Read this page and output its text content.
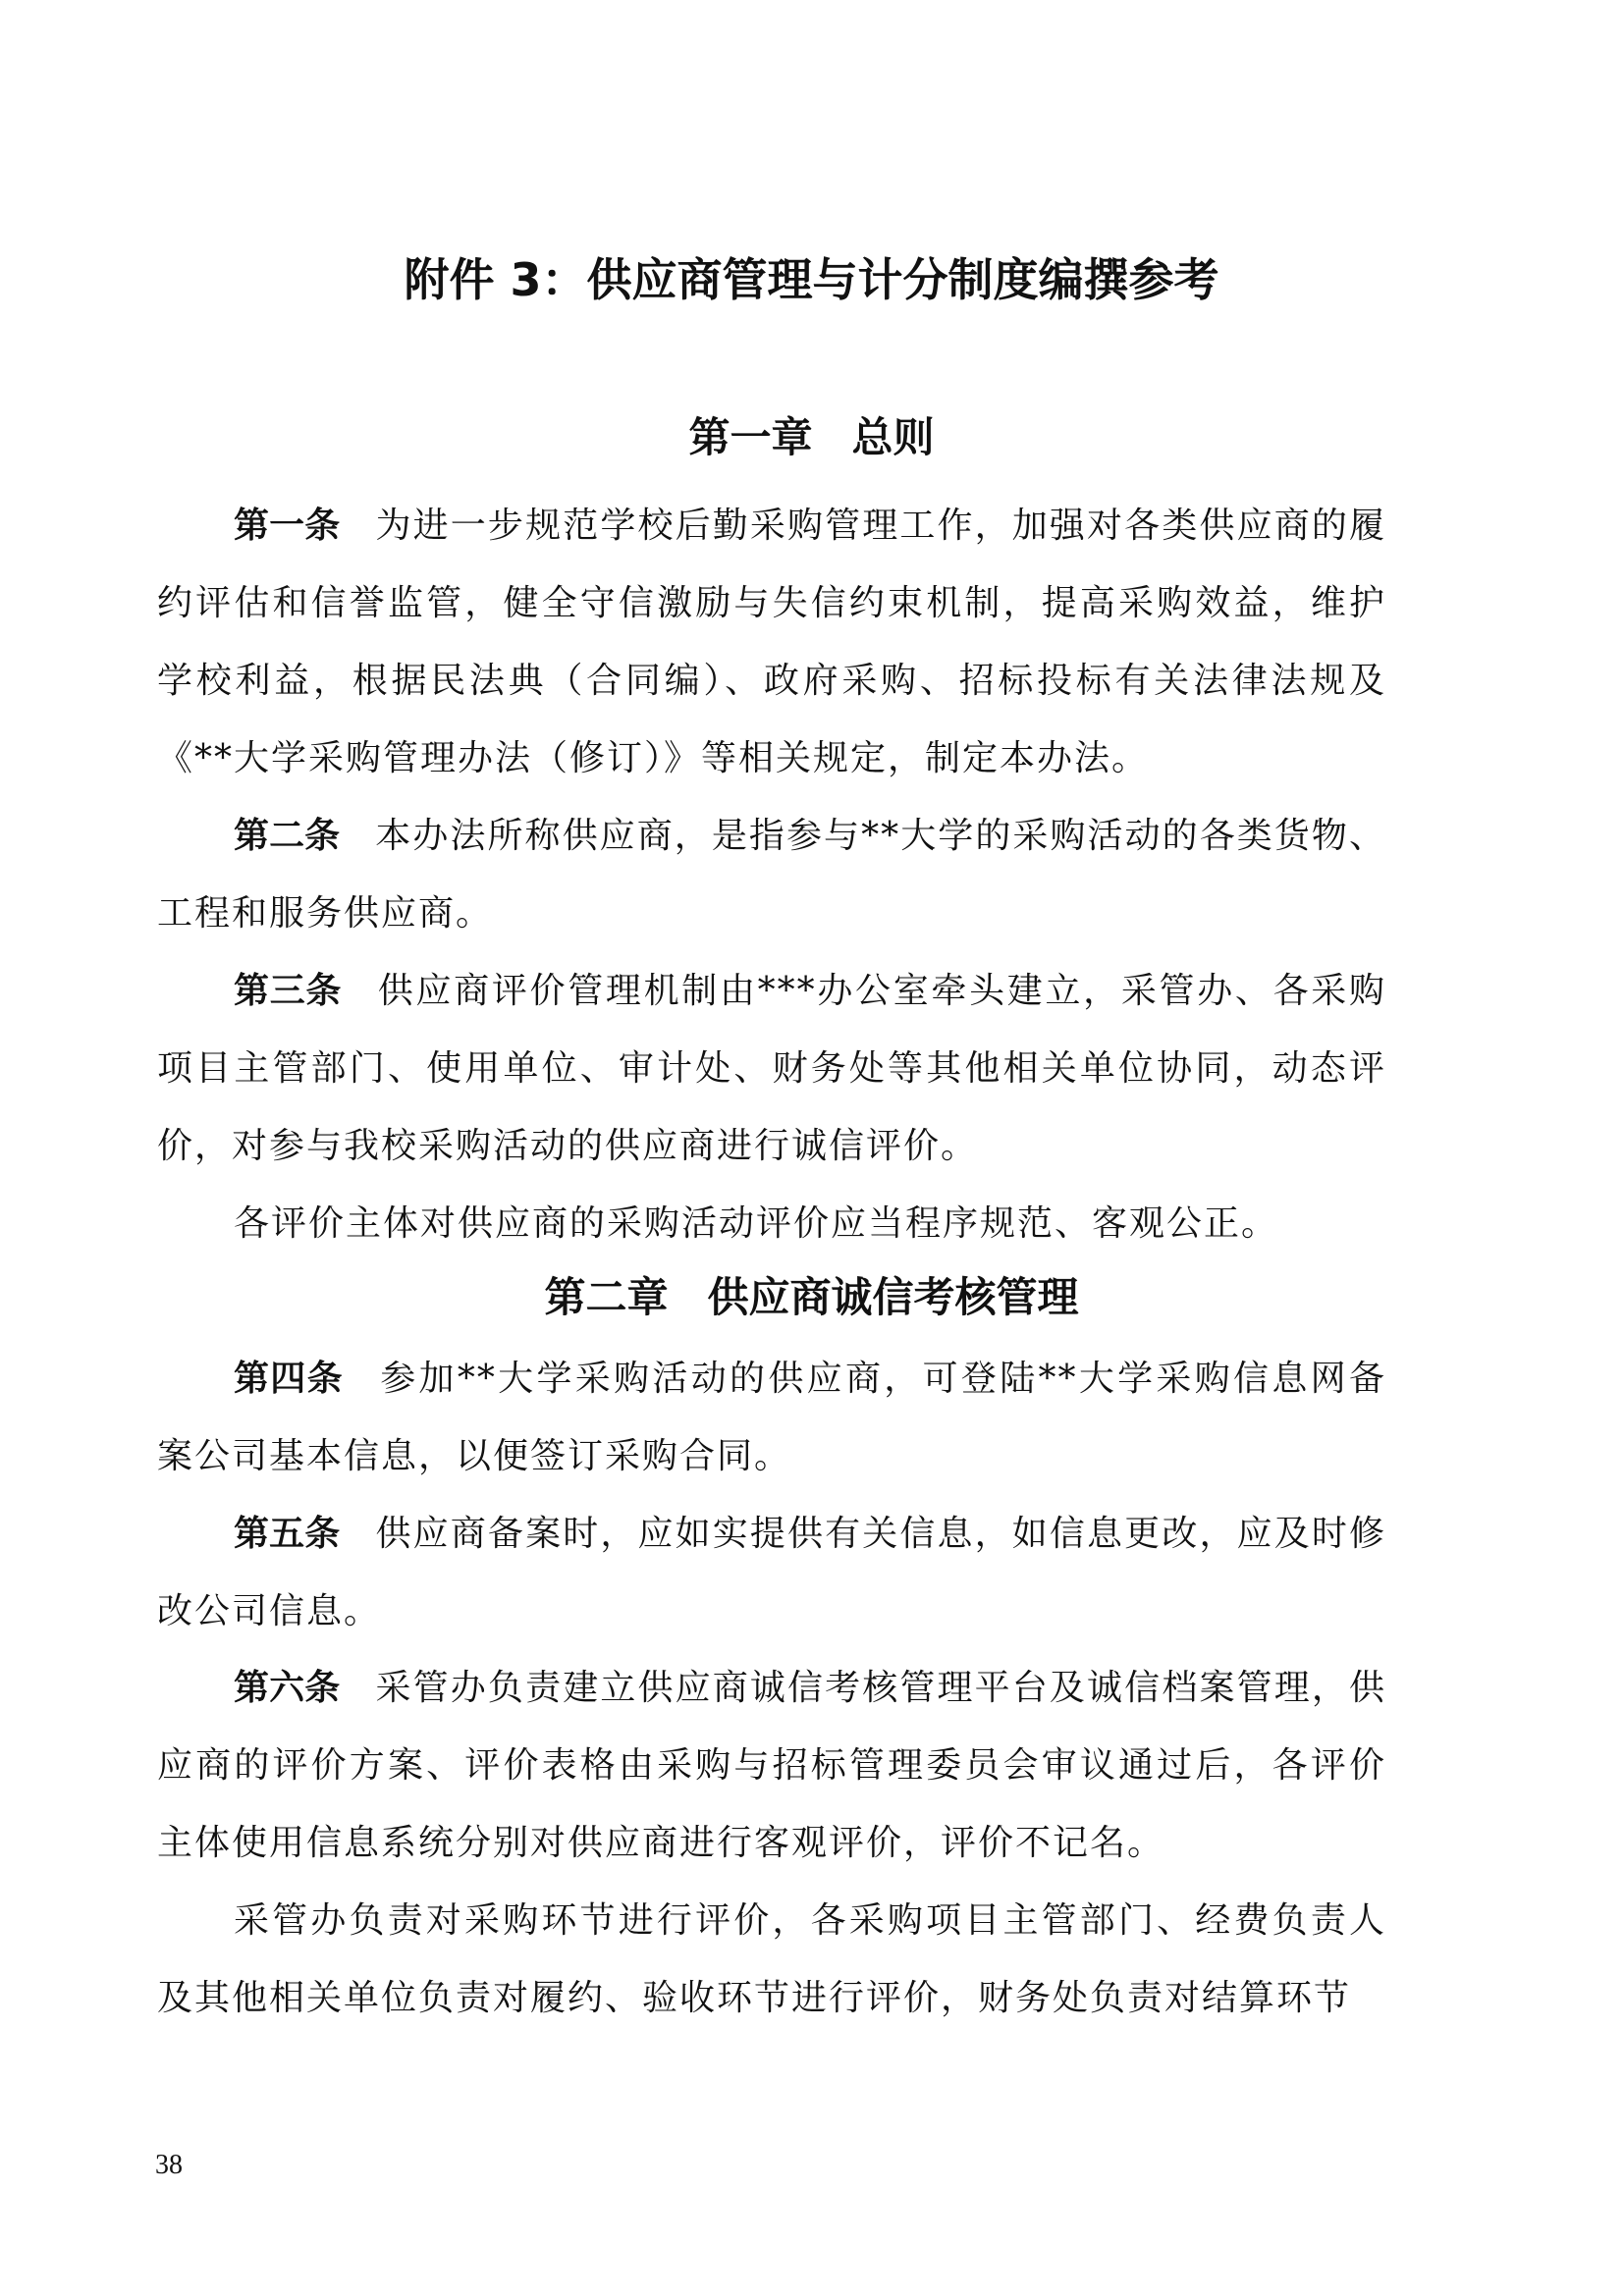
附件 3：供应商管理与计分制度编撰参考
第一章 总则

第一条 为进一步规范学校后勤采购管理工作，加强对各类供应商的履约评估和信誉监管，健全守信激励与失信约束机制，提高采购效益，维护学校利益，根据民法典（合同编）、政府采购、招标投标有关法律法规及《**大学采购管理办法（修订）》等相关规定，制定本办法。

第二条 本办法所称供应商，是指参与**大学的采购活动的各类货物、工程和服务供应商。

第三条 供应商评价管理机制由***办公室牵头建立，采管办、各采购项目主管部门、使用单位、审计处、财务处等其他相关单位协同，动态评价，对参与我校采购活动的供应商进行诚信评价。

各评价主体对供应商的采购活动评价应当程序规范、客观公正。

第二章 供应商诚信考核管理

第四条 参加**大学采购活动的供应商，可登陆**大学采购信息网备案公司基本信息，以便签订采购合同。

第五条 供应商备案时，应如实提供有关信息，如信息更改，应及时修改公司信息。

第六条 采管办负责建立供应商诚信考核管理平台及诚信档案管理，供应商的评价方案、评价表格由采购与招标管理委员会审议通过后，各评价主体使用信息系统分别对供应商进行客观评价，评价不记名。

采管办负责对采购环节进行评价，各采购项目主管部门、经费负责人及其他相关单位负责对履约、验收环节进行评价，财务处负责对结算环节

38
